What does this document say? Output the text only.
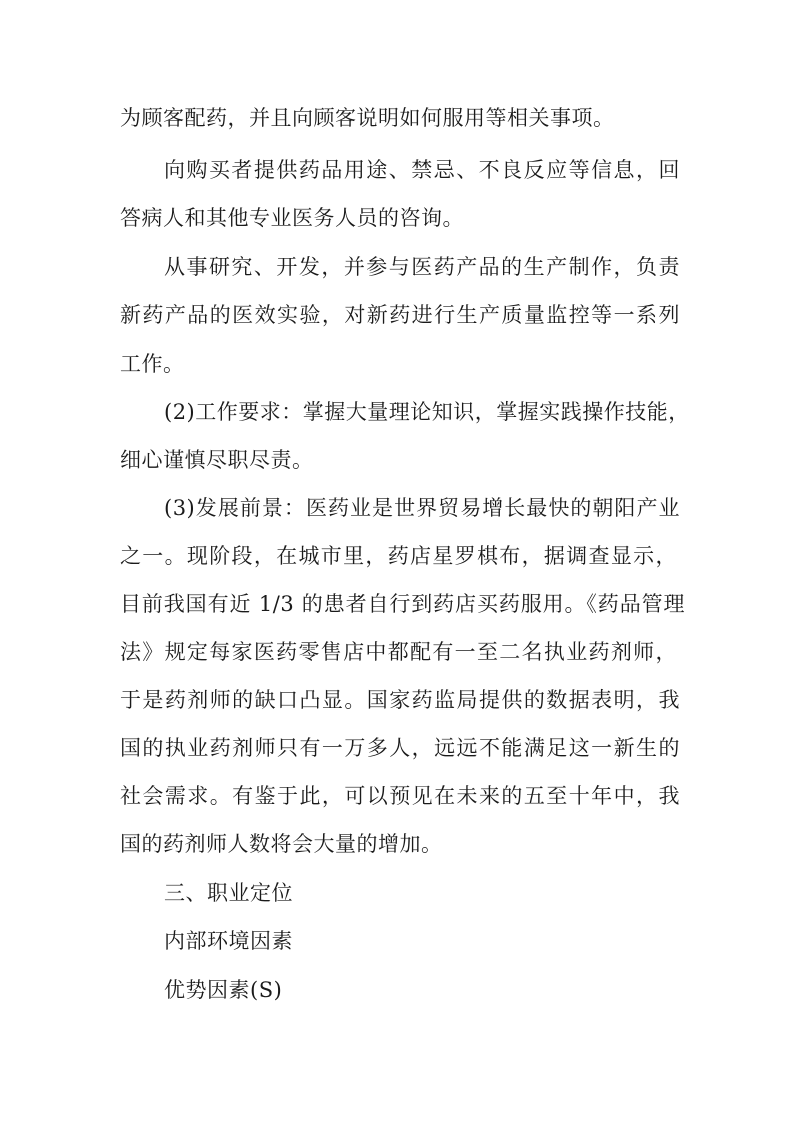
为顾客配药，并且向顾客说明如何服用等相关事项。
向购买者提供药品用途、禁忌、不良反应等信息，回
答病人和其他专业医务人员的咨询。
从事研究、开发，并参与医药产品的生产制作，负责
新药产品的医效实验，对新药进行生产质量监控等一系列
工作。
(2)工作要求：掌握大量理论知识，掌握实践操作技能，
细心谨慎尽职尽责。
(3)发展前景：医药业是世界贸易增长最快的朝阳产业
之一。现阶段，在城市里，药店星罗棋布，据调查显示，
目前我国有近 1/3 的患者自行到药店买药服用。《药品管理
法》规定每家医药零售店中都配有一至二名执业药剂师，
于是药剂师的缺口凸显。国家药监局提供的数据表明，我
国的执业药剂师只有一万多人，远远不能满足这一新生的
社会需求。有鉴于此，可以预见在未来的五至十年中，我
国的药剂师人数将会大量的增加。
三、职业定位
内部环境因素
优势因素(S)
